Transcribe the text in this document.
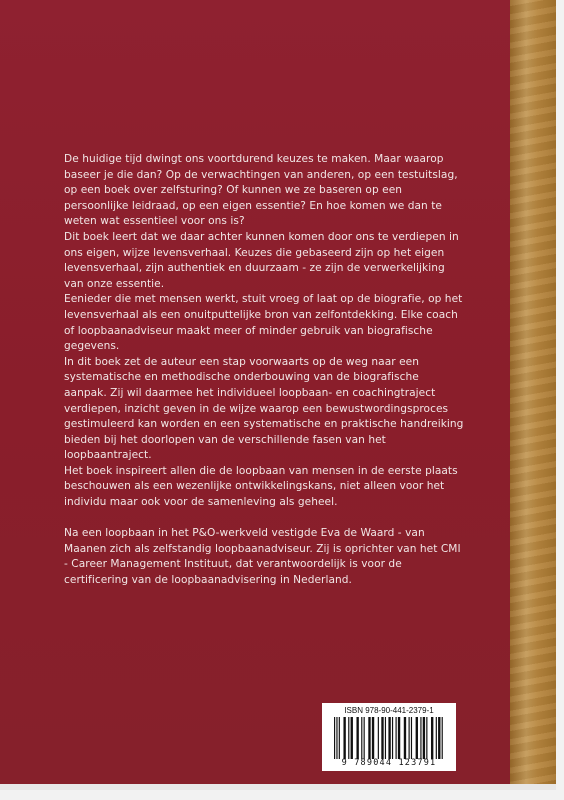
De huidige tijd dwingt ons voortdurend keuzes te maken. Maar waarop baseer je die dan? Op de verwachtingen van anderen, op een testuitslag, op een boek over zelfsturing? Of kunnen we ze baseren op een persoonlijke leidraad, op een eigen essentie? En hoe komen we dan te weten wat essentieel voor ons is?

Dit boek leert dat we daar achter kunnen komen door ons te verdiepen in ons eigen, wijze levensverhaal. Keuzes die gebaseerd zijn op het eigen levensverhaal, zijn authentiek en duurzaam - ze zijn de verwerkelijking van onze essentie.

Eenieder die met mensen werkt, stuit vroeg of laat op de biografie, op het levensverhaal als een onuitputtelijke bron van zelfontdekking. Elke coach of loopbaanadviseur maakt meer of minder gebruik van biografische gegevens.

In dit boek zet de auteur een stap voorwaarts op de weg naar een systematische en methodische onderbouwing van de biografische aanpak. Zij wil daarmee het individueel loopbaan- en coachingtraject verdiepen, inzicht geven in de wijze waarop een bewustwordingsproces gestimuleerd kan worden en een systematische en praktische handreiking bieden bij het doorlopen van de verschillende fasen van het loopbaantraject.

Het boek inspireert allen die de loopbaan van mensen in de eerste plaats beschouwen als een wezenlijke ontwikkelingskans, niet alleen voor het individu maar ook voor de samenleving als geheel.

Na een loopbaan in het P&O-werkveld vestigde Eva de Waard - van Maanen zich als zelfstandig loopbaanadviseur. Zij is oprichter van het CMI - Career Management Instituut, dat verantwoordelijk is voor de certificering van de loopbaanadvisering in Nederland.

ISBN 978-90-441-2379-1
9 789044 123791
